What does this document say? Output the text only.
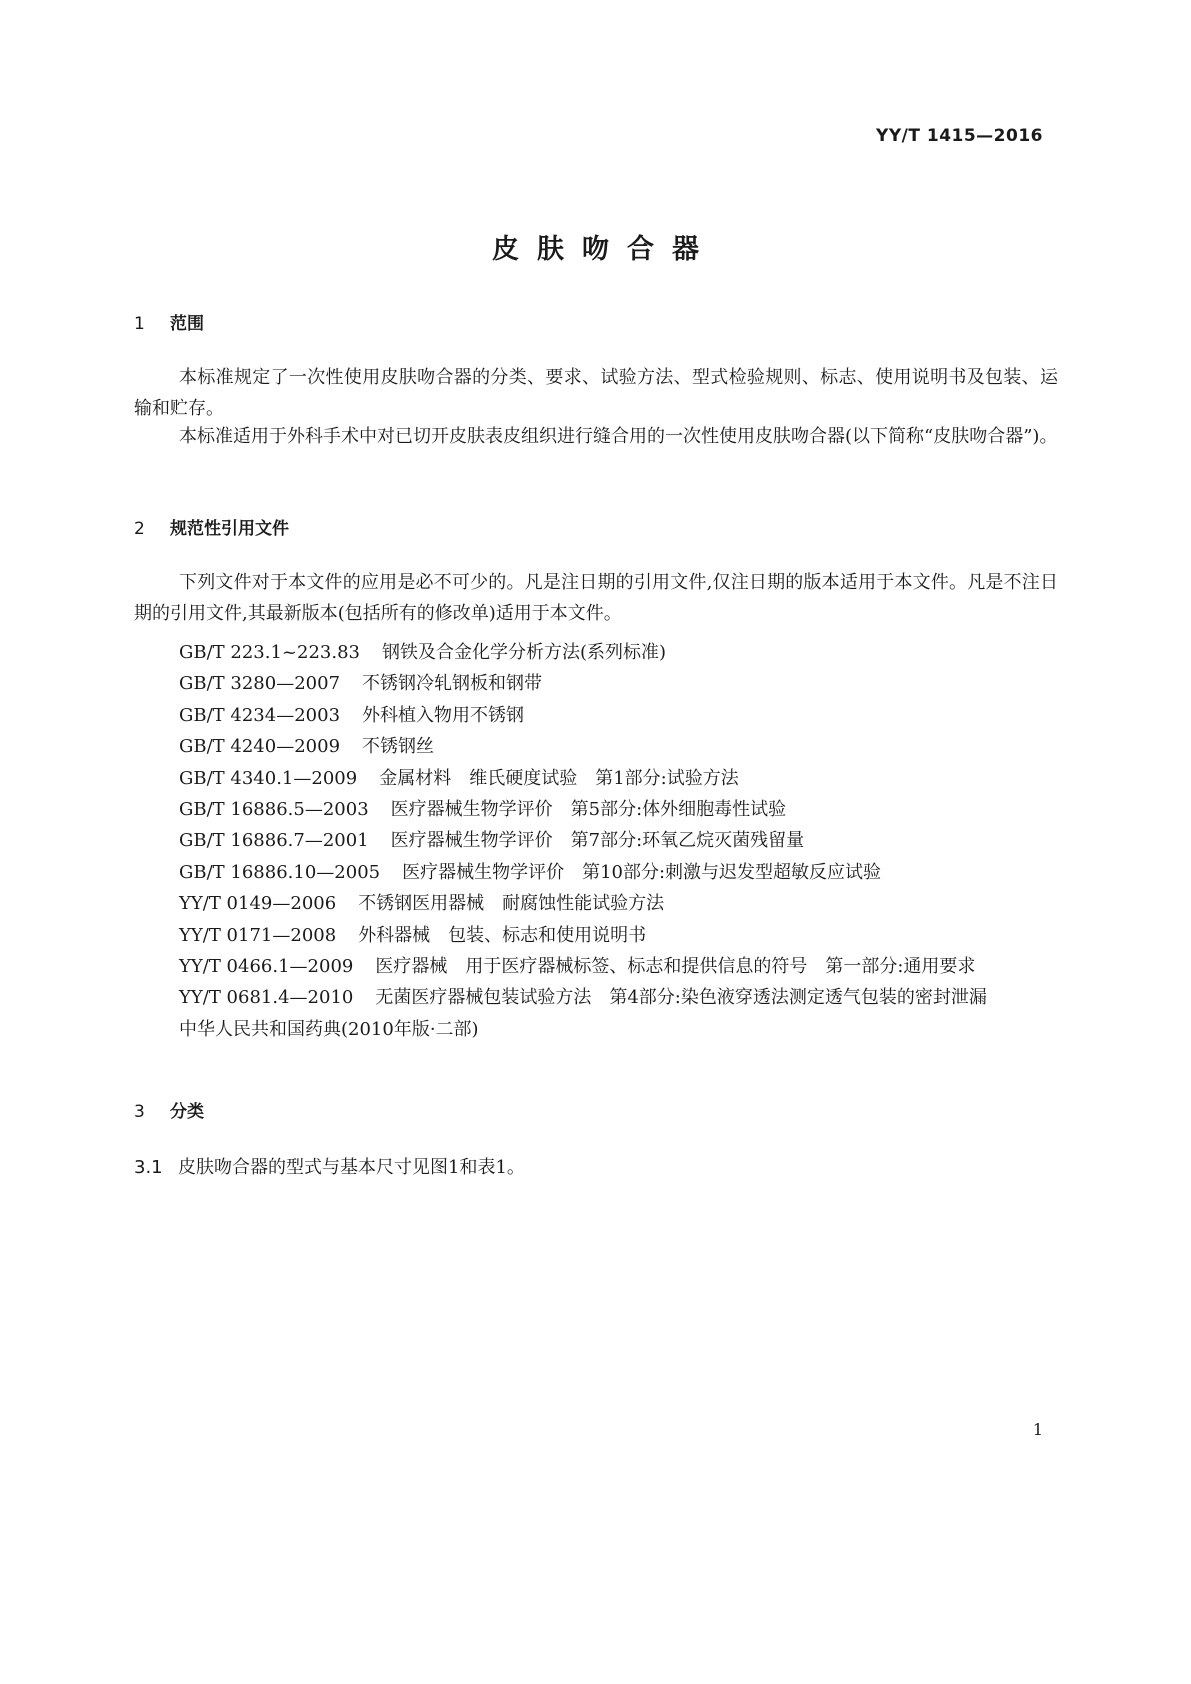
YY/T 1415—2016
皮肤吻合器
1 范围
本标准规定了一次性使用皮肤吻合器的分类、要求、试验方法、型式检验规则、标志、使用说明书及包装、运输和贮存。
本标准适用于外科手术中对已切开皮肤表皮组织进行缝合用的一次性使用皮肤吻合器(以下简称“皮肤吻合器”)。
2 规范性引用文件
下列文件对于本文件的应用是必不可少的。凡是注日期的引用文件,仅注日期的版本适用于本文件。凡是不注日期的引用文件,其最新版本(包括所有的修改单)适用于本文件。
GB/T 223.1~223.83 钢铁及合金化学分析方法(系列标准)
GB/T 3280—2007 不锈钢冷轧钢板和钢带
GB/T 4234—2003 外科植入物用不锈钢
GB/T 4240—2009 不锈钢丝
GB/T 4340.1—2009 金属材料　维氏硬度试验　第1部分:试验方法
GB/T 16886.5—2003 医疗器械生物学评价　第5部分:体外细胞毒性试验
GB/T 16886.7—2001 医疗器械生物学评价　第7部分:环氧乙烷灭菌残留量
GB/T 16886.10—2005 医疗器械生物学评价　第10部分:刺激与迟发型超敏反应试验
YY/T 0149—2006 不锈钢医用器械　耐腐蚀性能试验方法
YY/T 0171—2008 外科器械　包装、标志和使用说明书
YY/T 0466.1—2009 医疗器械　用于医疗器械标签、标志和提供信息的符号　第一部分:通用要求
YY/T 0681.4—2010 无菌医疗器械包装试验方法　第4部分:染色液穿透法测定透气包装的密封泄漏
中华人民共和国药典(2010年版·二部)
3 分类
3.1 皮肤吻合器的型式与基本尺寸见图1和表1。
1
